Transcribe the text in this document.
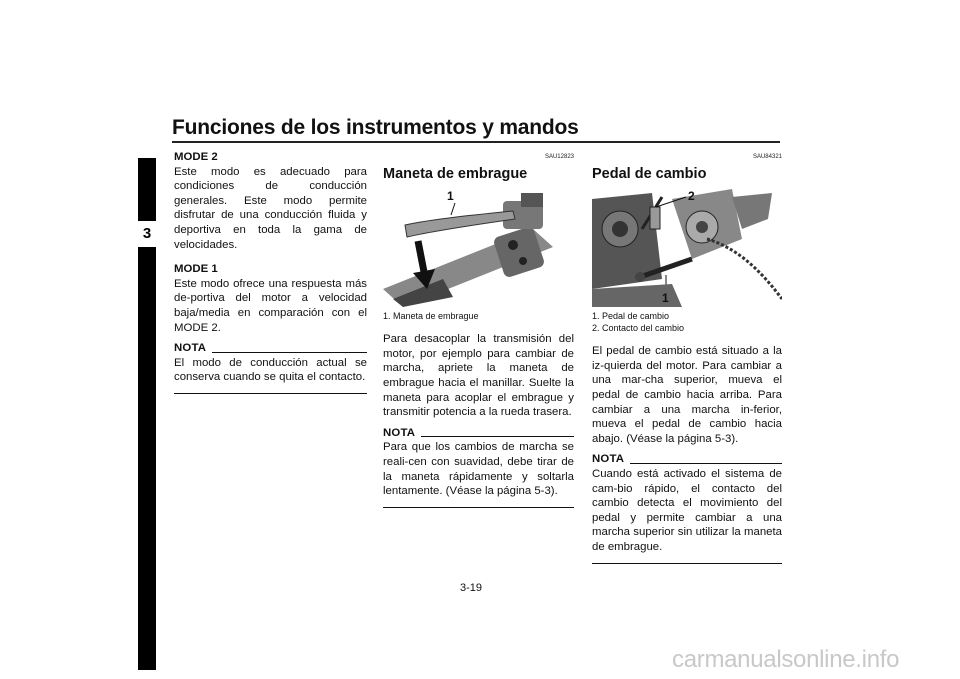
Funciones de los instrumentos y mandos
3

MODE 2

Este modo es adecuado para condiciones de conducción generales. Este modo permite disfrutar de una conducción fluida y deportiva en toda la gama de velocidades.

MODE 1

Este modo ofrece una respuesta más de-portiva del motor a velocidad baja/media en comparación con el MODE 2.

NOTA

El modo de conducción actual se conserva cuando se quita el contacto.

SAU12823
Maneta de embrague
1
1. Maneta de embrague

Para desacoplar la transmisión del motor, por ejemplo para cambiar de marcha, apriete la maneta de embrague hacia el manillar. Suelte la maneta para acoplar el embrague y transmitir potencia a la rueda trasera.

NOTA

Para que los cambios de marcha se reali-cen con suavidad, debe tirar de la maneta rápidamente y soltarla lentamente. (Véase la página 5-3).

SAU84321
Pedal de cambio
2
1
1. Pedal de cambio
2. Contacto del cambio

El pedal de cambio está situado a la iz-quierda del motor. Para cambiar a una mar-cha superior, mueva el pedal de cambio hacia arriba. Para cambiar a una marcha in-ferior, mueva el pedal de cambio hacia abajo. (Véase la página 5-3).

NOTA

Cuando está activado el sistema de cam-bio rápido, el contacto del cambio detecta el movimiento del pedal y permite cambiar a una marcha superior sin utilizar la maneta de embrague.

3-19
carmanualsonline.info
